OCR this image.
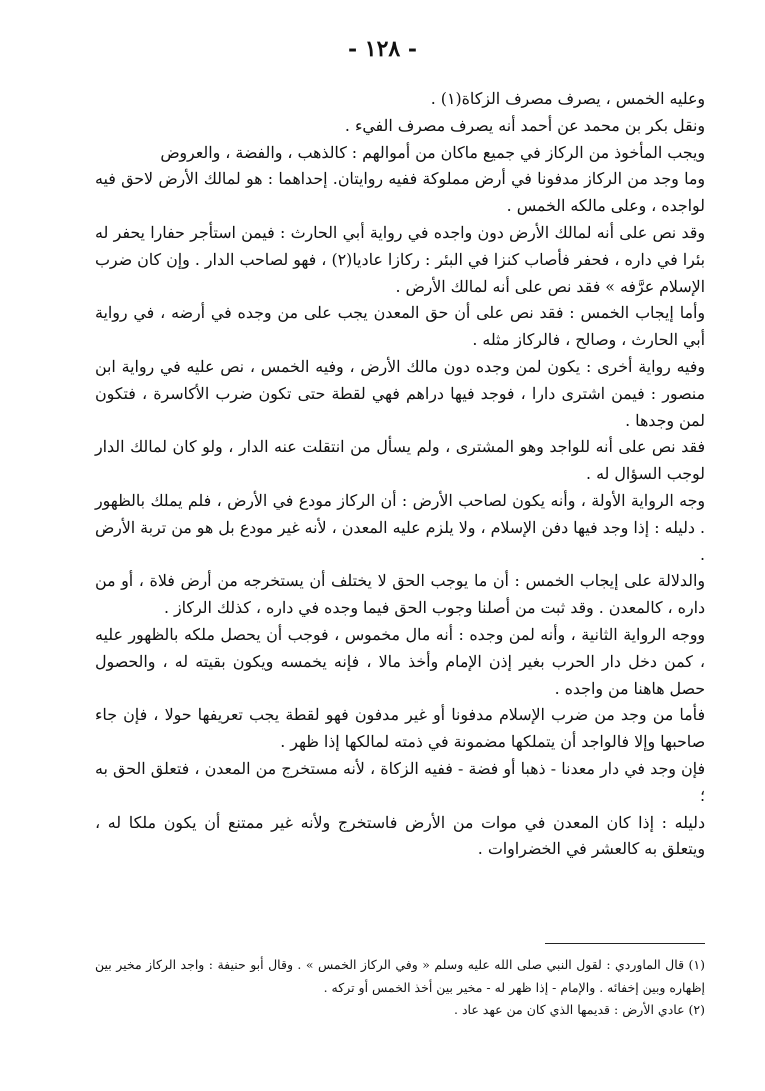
- ١٢٨ -

وعليه الخمس ، يصرف مصرف الزكاة(١) .

ونقل بكر بن محمد عن أحمد أنه يصرف مصرف الفيء .

ويجب المأخوذ من الركاز في جميع ماكان من أموالهم : كالذهب ، والفضة ، والعروض

وما وجد من الركاز مدفونا في أرض مملوكة ففيه روايتان. إحداهما : هو لمالك الأرض لاحق فيه لواجده ، وعلى مالكه الخمس .

وقد نص على أنه لمالك الأرض دون واجده في رواية أبي الحارث : فيمن استأجر حفارا يحفر له بئرا في داره ، فحفر فأصاب كنزا في البئر : ركازا عاديا(٢) ، فهو لصاحب الدار . وإن كان ضرب الإسلام عرَّفه » فقد نص على أنه لمالك الأرض .

وأما إيجاب الخمس : فقد نص على أن حق المعدن يجب على من وجده في أرضه ، في رواية أبي الحارث ، وصالح ، فالركاز مثله .

وفيه رواية أخرى : يكون لمن وجده دون مالك الأرض ، وفيه الخمس ، نص عليه في رواية ابن منصور : فيمن اشترى دارا ، فوجد فيها دراهم فهي لقطة حتى تكون ضرب الأكاسرة ، فتكون لمن وجدها .

فقد نص على أنه للواجد وهو المشترى ، ولم يسأل من انتقلت عنه الدار ، ولو كان لمالك الدار لوجب السؤال له .

وجه الرواية الأولة ، وأنه يكون لصاحب الأرض : أن الركاز مودع في الأرض ، فلم يملك بالظهور . دليله : إذا وجد فيها دفن الإسلام ، ولا يلزم عليه المعدن ، لأنه غير مودع بل هو من تربة الأرض .

والدلالة على إيجاب الخمس : أن ما يوجب الحق لا يختلف أن يستخرجه من أرض فلاة ، أو من داره ، كالمعدن . وقد ثبت من أصلنا وجوب الحق فيما وجده في داره ، كذلك الركاز .

ووجه الرواية الثانية ، وأنه لمن وجده : أنه مال مخموس ، فوجب أن يحصل ملكه بالظهور عليه ، كمن دخل دار الحرب بغير إذن الإمام وأخذ مالا ، فإنه يخمسه ويكون بقيته له ، والحصول حصل هاهنا من واجده .

فأما من وجد من ضرب الإسلام مدفونا أو غير مدفون فهو لقطة يجب تعريفها حولا ، فإن جاء صاحبها وإلا فالواجد أن يتملكها مضمونة في ذمته لمالكها إذا ظهر .

فإن وجد في دار معدنا - ذهبا أو فضة - ففيه الزكاة ، لأنه مستخرج من المعدن ، فتعلق الحق به ؛

دليله : إذا كان المعدن في موات من الأرض فاستخرج ولأنه غير ممتنع أن يكون ملكا له ، ويتعلق به كالعشر في الخضراوات .

(١) قال الماوردي : لقول النبي صلى الله عليه وسلم « وفي الركاز الخمس » . وقال أبو حنيفة : واجد الركاز مخير بين إظهاره وبين إخفائه . والإمام - إذا ظهر له - مخير بين أخذ الخمس أو تركه .

(٢) عادي الأرض : قديمها الذي كان من عهد عاد .
